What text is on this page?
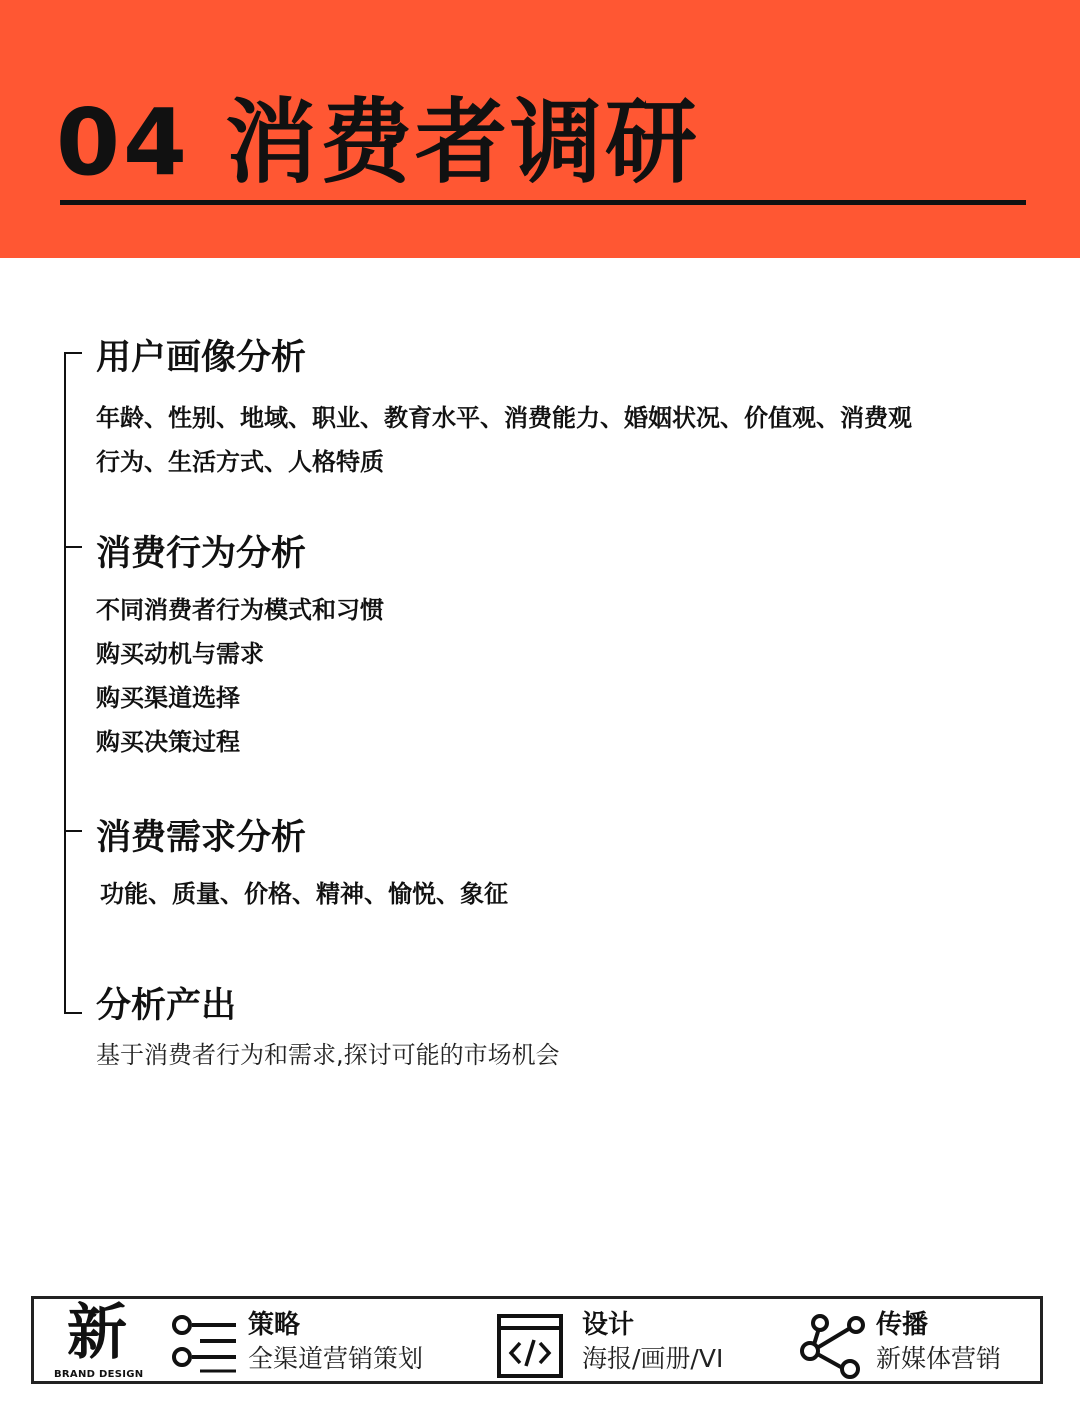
04 消费者调研
用户画像分析
年龄、性别、地域、职业、教育水平、消费能力、婚姻状况、价值观、消费观
行为、生活方式、人格特质
消费行为分析
不同消费者行为模式和习惯
购买动机与需求
购买渠道选择
购买决策过程
消费需求分析
功能、质量、价格、精神、愉悦、象征
分析产出
基于消费者行为和需求,探讨可能的市场机会
新
BRAND DESIGN
策略
全渠道营销策划
设计
海报/画册/VI
传播
新媒体营销
